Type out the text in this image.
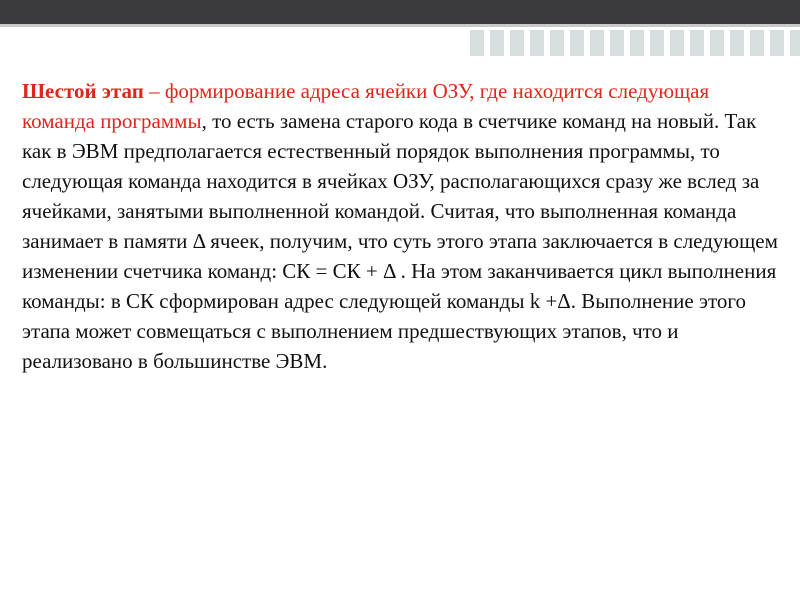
Шестой этап – формирование адреса ячейки ОЗУ, где находится следующая команда программы, то есть замена старого кода в счетчике команд на новый. Так как в ЭВМ предполагается естественный порядок выполнения программы, то следующая команда находится в ячейках ОЗУ, располагающихся сразу же вслед за ячейками, занятыми выполненной командой. Считая, что выполненная команда занимает в памяти Δ ячеек, получим, что суть этого этапа заключается в следующем изменении счетчика команд: СК = СК + Δ . На этом заканчивается цикл выполнения команды: в СК сформирован адрес следующей команды k +Δ. Выполнение этого этапа может совмещаться с выполнением предшествующих этапов, что и реализовано в большинстве ЭВМ.
